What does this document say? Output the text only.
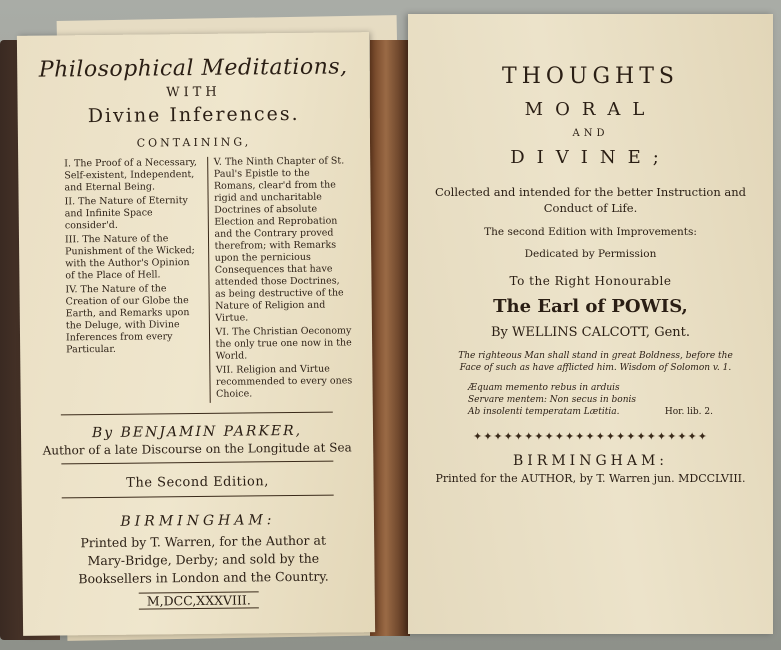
Philosophical Meditations,
WITH
Divine Inferences.
CONTAINING,

I. The Proof of a Necessary, Self-existent, Independent, and Eternal Being.

II. The Nature of Eternity and Infinite Space consider'd.

III. The Nature of the Punishment of the Wicked; with the Author's Opinion of the Place of Hell.

IV. The Nature of the Creation of our Globe the Earth, and Remarks upon the Deluge, with Divine Inferences from every Particular.

V. The Ninth Chapter of St. Paul's Epistle to the Romans, clear'd from the rigid and uncharitable Doctrines of absolute Election and Reprobation and the Contrary proved therefrom; with Remarks upon the pernicious Consequences that have attended those Doctrines, as being destructive of the Nature of Religion and Virtue.

VI. The Christian Oeconomy the only true one now in the World.

VII. Religion and Virtue recommended to every ones Choice.

By BENJAMIN PARKER,
Author of a late Discourse on the Longitude at Sea
The Second Edition,
BIRMINGHAM:
Printed by T. Warren, for the Author at Mary-Bridge, Derby; and sold by the Booksellers in London and the Country.
M,DCC,XXXVIII.
THOUGHTS
MORAL
AND
DIVINE;
Collected and intended for the better Instruction and Conduct of Life.
The second Edition with Improvements:
Dedicated by Permission
To the Right Honourable
The Earl of POWIS,
By WELLINS CALCOTT, Gent.
The righteous Man shall stand in great Boldness, before the Face of such as have afflicted him. Wisdom of Solomon v. 1.
Æquam memento rebus in arduis Servare mentem: Non secus in bonis Ab insolenti temperatam Lætitia.	Hor. lib. 2.
✦✦✦✦✦✦✦✦✦✦✦✦✦✦✦✦✦✦✦✦✦✦✦
BIRMINGHAM:
Printed for the AUTHOR, by T. Warren jun. MDCCLVIII.
